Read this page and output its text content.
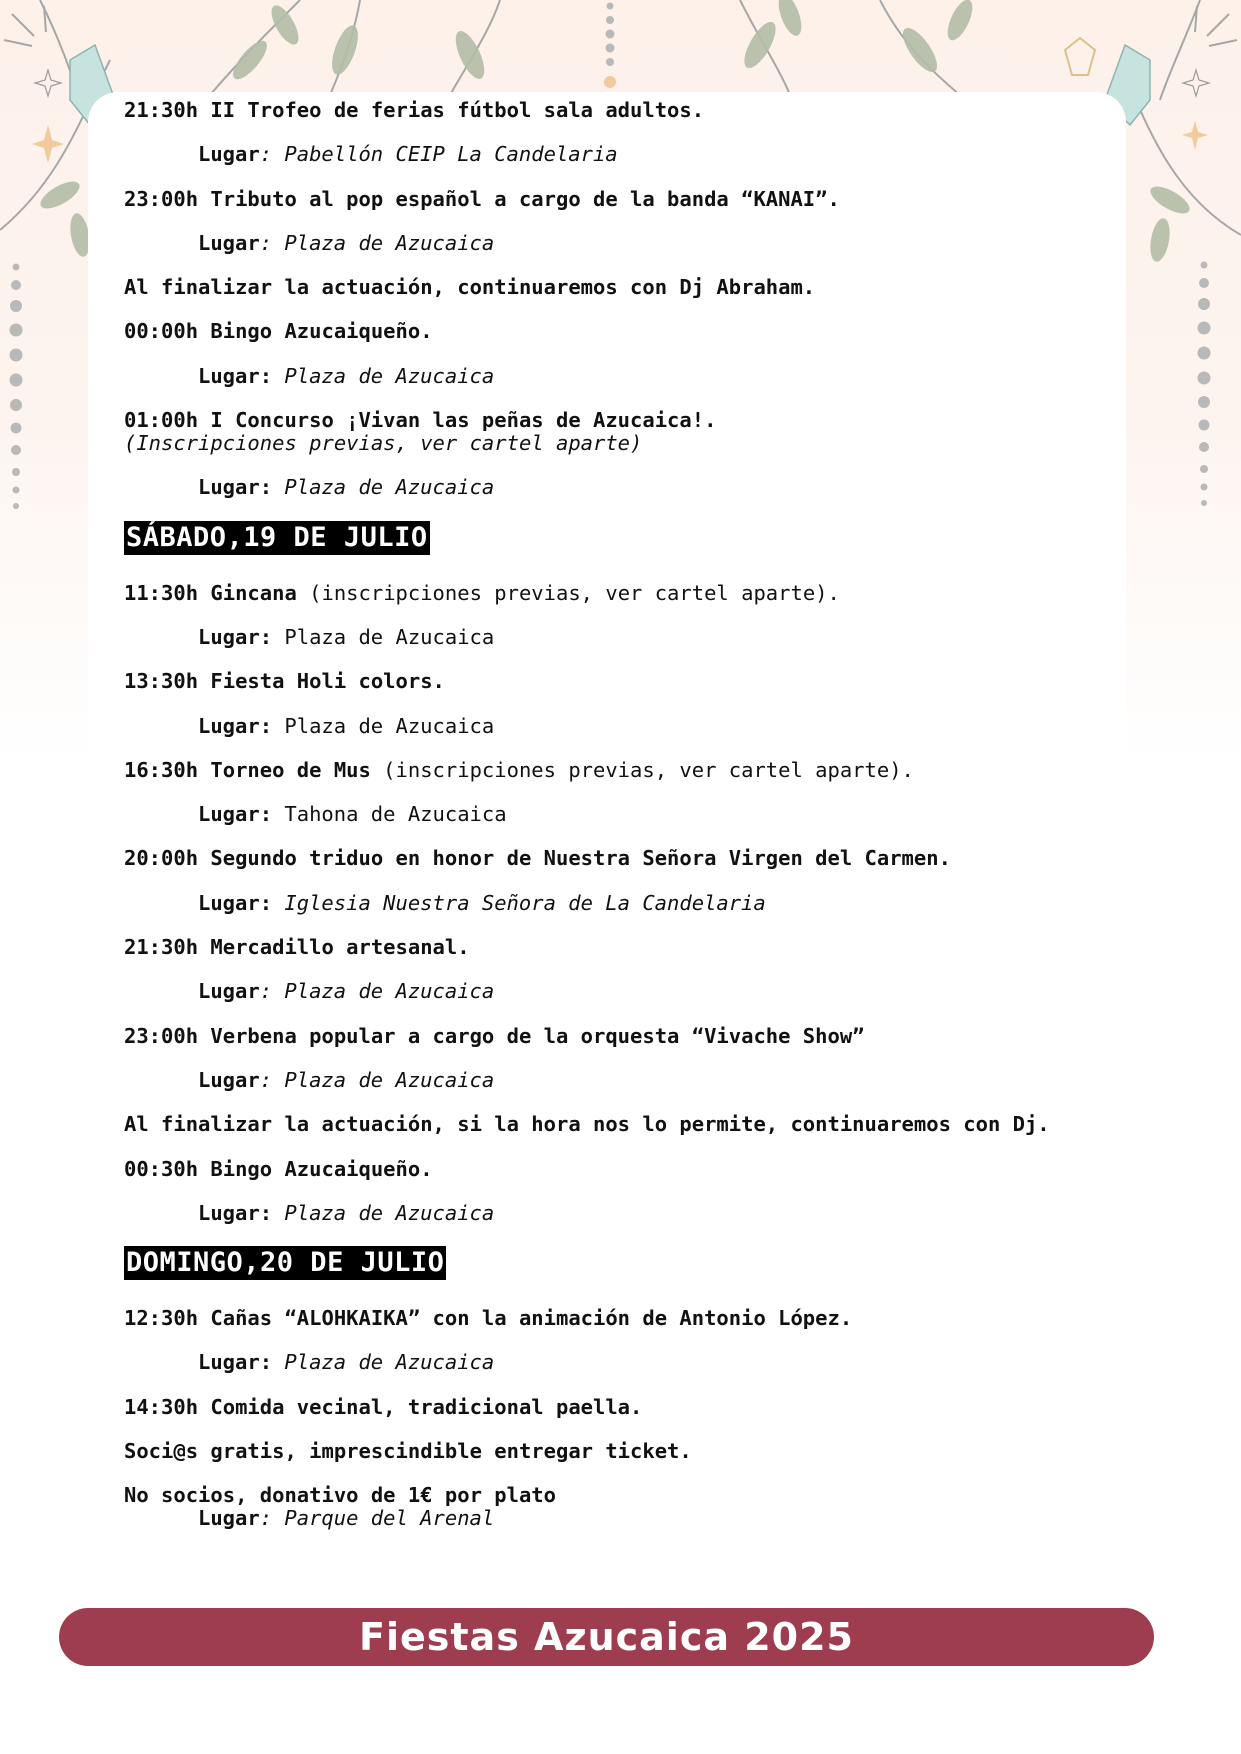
21:30h II Trofeo de ferias fútbol sala adultos.
Lugar: Pabellón CEIP La Candelaria
23:00h Tributo al pop español a cargo de la banda “KANAI”.
Lugar: Plaza de Azucaica
Al finalizar la actuación, continuaremos con Dj Abraham.
00:00h Bingo Azucaiqueño.
Lugar: Plaza de Azucaica
01:00h I Concurso ¡Vivan las peñas de Azucaica!.
(Inscripciones previas, ver cartel aparte)
Lugar: Plaza de Azucaica
SÁBADO,19 DE JULIO
11:30h Gincana (inscripciones previas, ver cartel aparte).
Lugar: Plaza de Azucaica
13:30h Fiesta Holi colors.
Lugar: Plaza de Azucaica
16:30h Torneo de Mus (inscripciones previas, ver cartel aparte).
Lugar: Tahona de Azucaica
20:00h Segundo triduo en honor de Nuestra Señora Virgen del Carmen.
Lugar: Iglesia Nuestra Señora de La Candelaria
21:30h Mercadillo artesanal.
Lugar: Plaza de Azucaica
23:00h Verbena popular a cargo de la orquesta “Vivache Show”
Lugar: Plaza de Azucaica
Al finalizar la actuación, si la hora nos lo permite, continuaremos con Dj.
00:30h Bingo Azucaiqueño.
Lugar: Plaza de Azucaica
DOMINGO,20 DE JULIO
12:30h Cañas “ALOHKAIKA” con la animación de Antonio López.
Lugar: Plaza de Azucaica
14:30h Comida vecinal, tradicional paella.
Soci@s gratis, imprescindible entregar ticket.
No socios, donativo de 1€ por plato
Lugar: Parque del Arenal
Fiestas Azucaica 2025
